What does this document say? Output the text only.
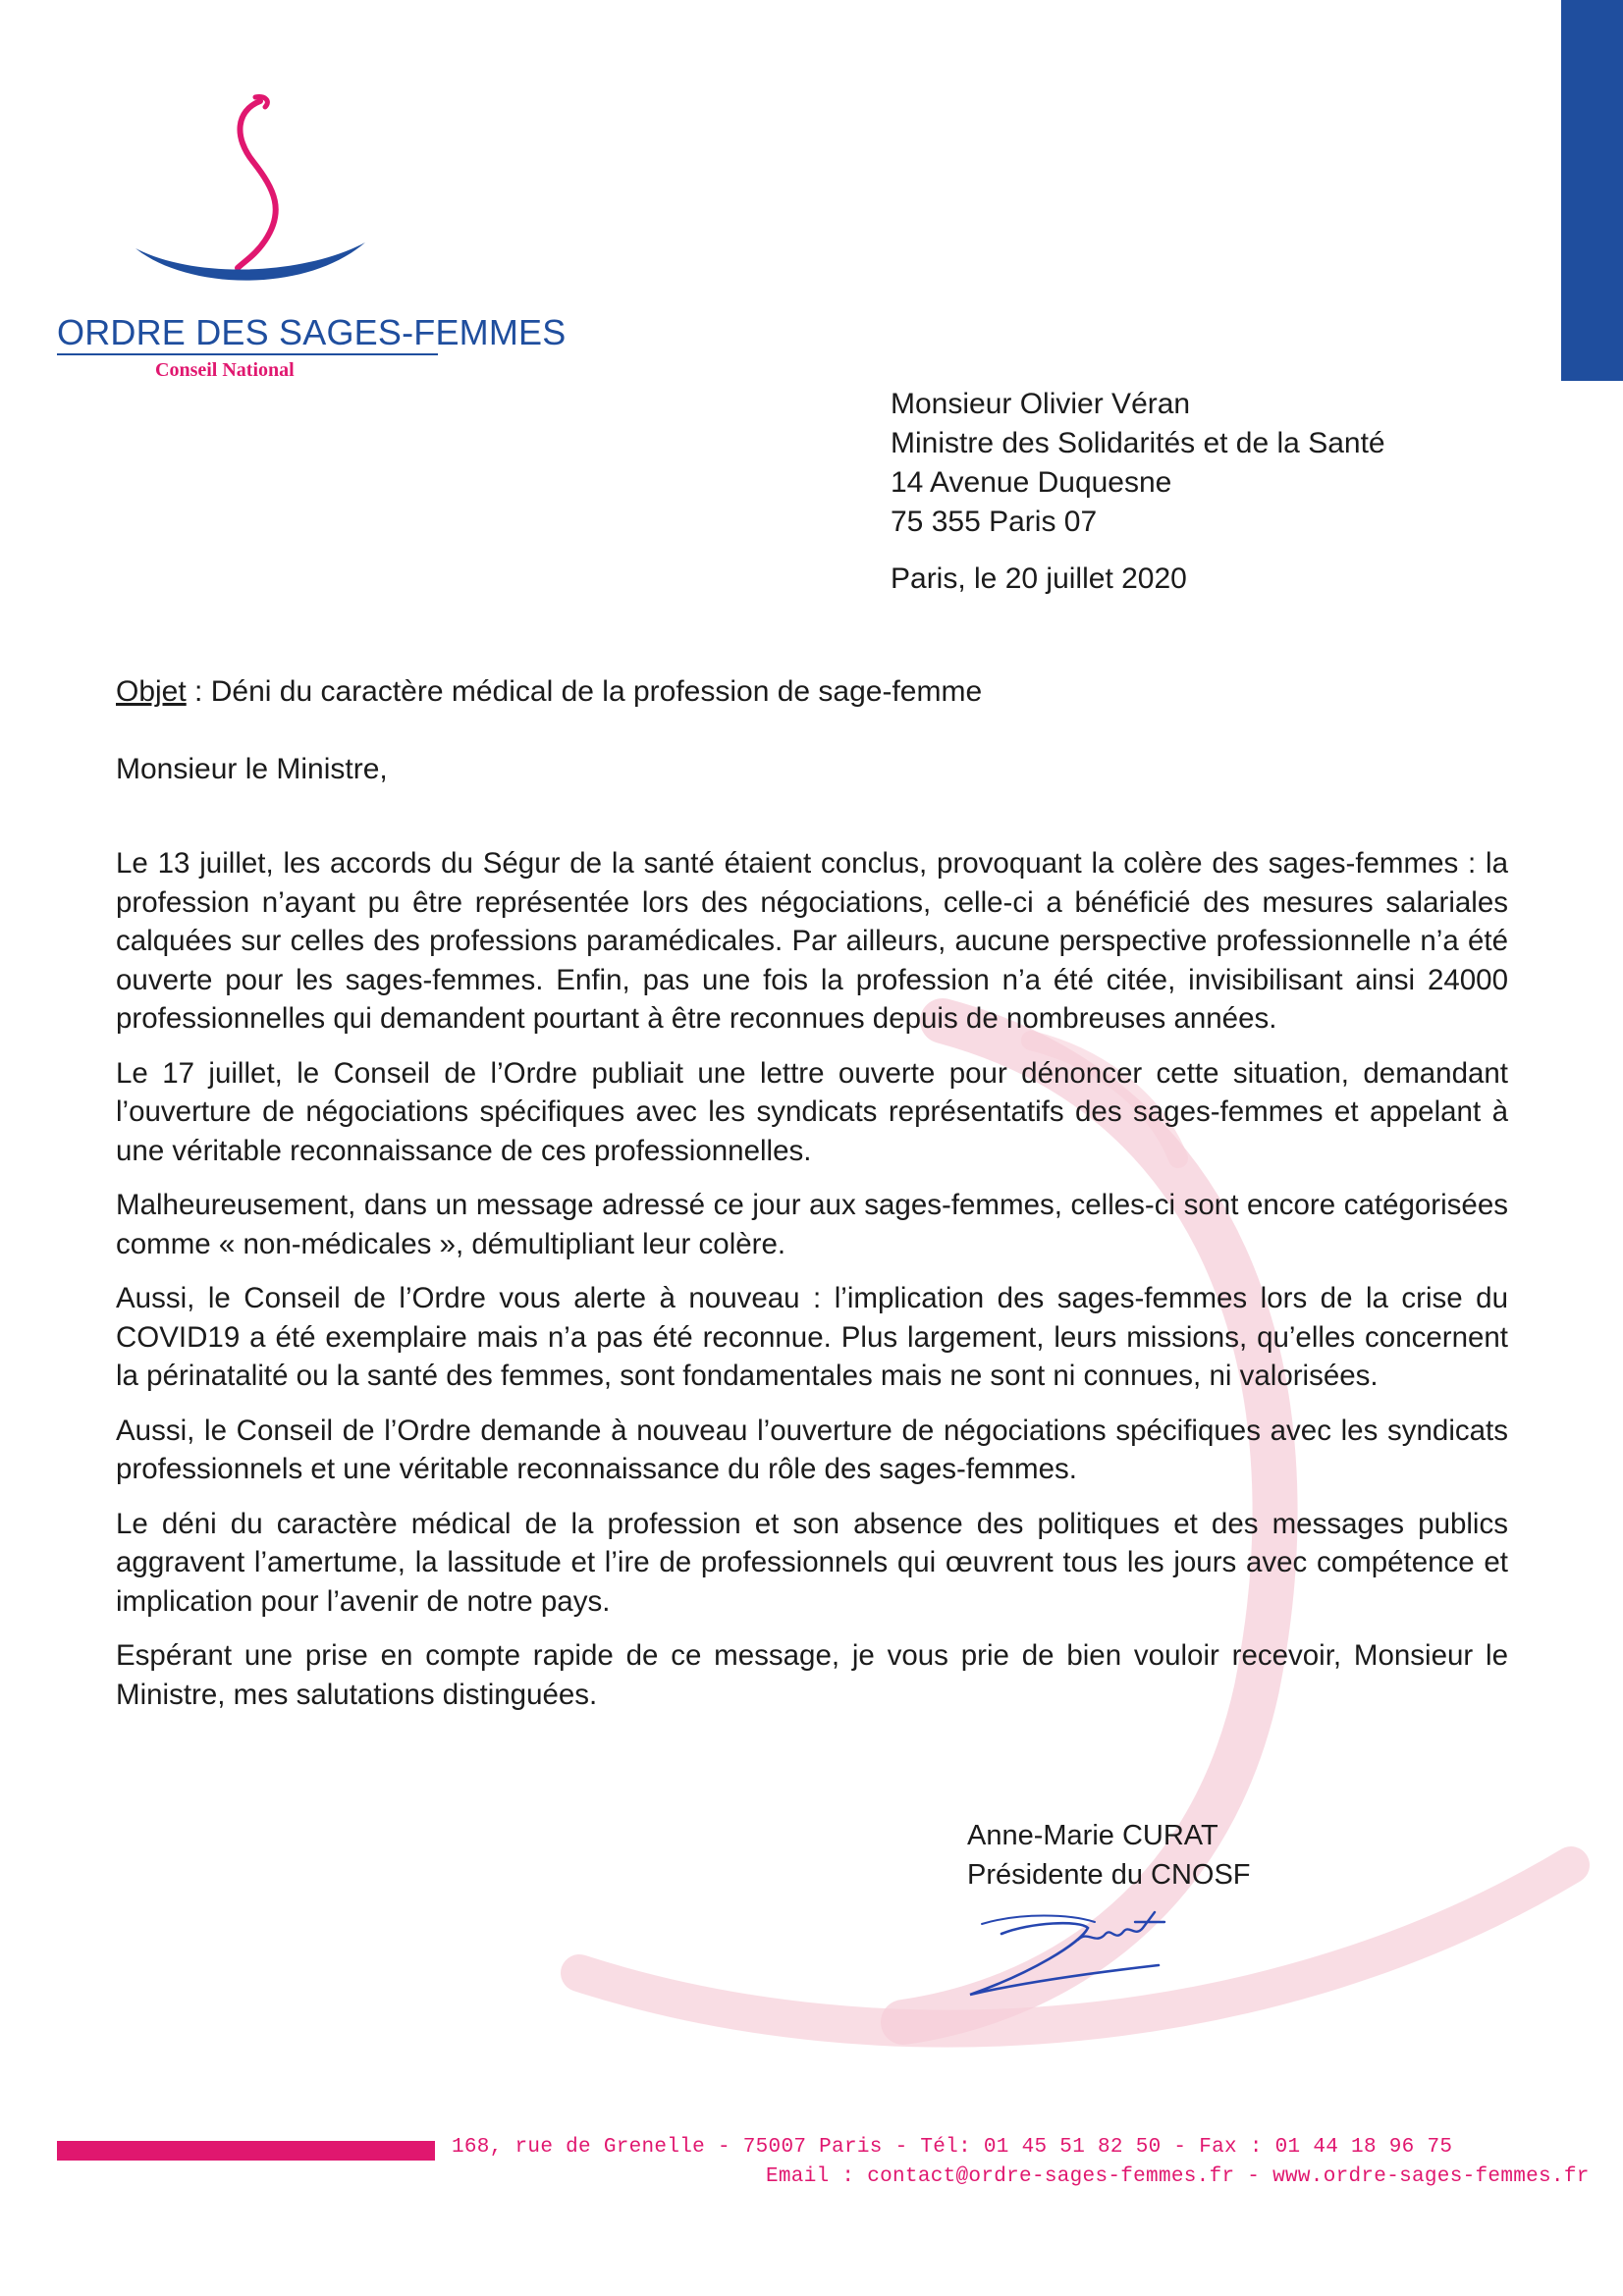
ORDRE DES SAGES-FEMMES
Conseil National
Monsieur Olivier Véran
Ministre des Solidarités et de la Santé
14 Avenue Duquesne
75 355 Paris 07
Paris, le 20 juillet 2020
Objet : Déni du caractère médical de la profession de sage-femme
Monsieur le Ministre,

Le 13 juillet, les accords du Ségur de la santé étaient conclus, provoquant la colère des sages-femmes : la profession n’ayant pu être représentée lors des négociations, celle-ci a bénéficié des mesures salariales calquées sur celles des professions paramédicales. Par ailleurs, aucune perspective professionnelle n’a été ouverte pour les sages-femmes. Enfin, pas une fois la profession n’a été citée, invisibilisant ainsi 24000 professionnelles qui demandent pourtant à être reconnues depuis de nombreuses années.

Le 17 juillet, le Conseil de l’Ordre publiait une lettre ouverte pour dénoncer cette situation, demandant l’ouverture de négociations spécifiques avec les syndicats représentatifs des sages-femmes et appelant à une véritable reconnaissance de ces professionnelles.

Malheureusement, dans un message adressé ce jour aux sages-femmes, celles-ci sont encore catégorisées comme « non-médicales », démultipliant leur colère.

Aussi, le Conseil de l’Ordre vous alerte à nouveau : l’implication des sages-femmes lors de la crise du COVID19 a été exemplaire mais n’a pas été reconnue. Plus largement, leurs missions, qu’elles concernent la périnatalité ou la santé des femmes, sont fondamentales mais ne sont ni connues, ni valorisées.

Aussi, le Conseil de l’Ordre demande à nouveau l’ouverture de négociations spécifiques avec les syndicats professionnels et une véritable reconnaissance du rôle des sages-femmes.

Le déni du caractère médical de la profession et son absence des politiques et des messages publics aggravent l’amertume, la lassitude et l’ire de professionnels qui œuvrent tous les jours avec compétence et implication pour l’avenir de notre pays.

Espérant une prise en compte rapide de ce message, je vous prie de bien vouloir recevoir, Monsieur le Ministre, mes salutations distinguées.

Anne-Marie CURAT
Présidente du CNOSF
168, rue de Grenelle - 75007 Paris - Tél: 01 45 51 82 50 - Fax : 01 44 18 96 75
Email : contact@ordre-sages-femmes.fr - www.ordre-sages-femmes.fr
